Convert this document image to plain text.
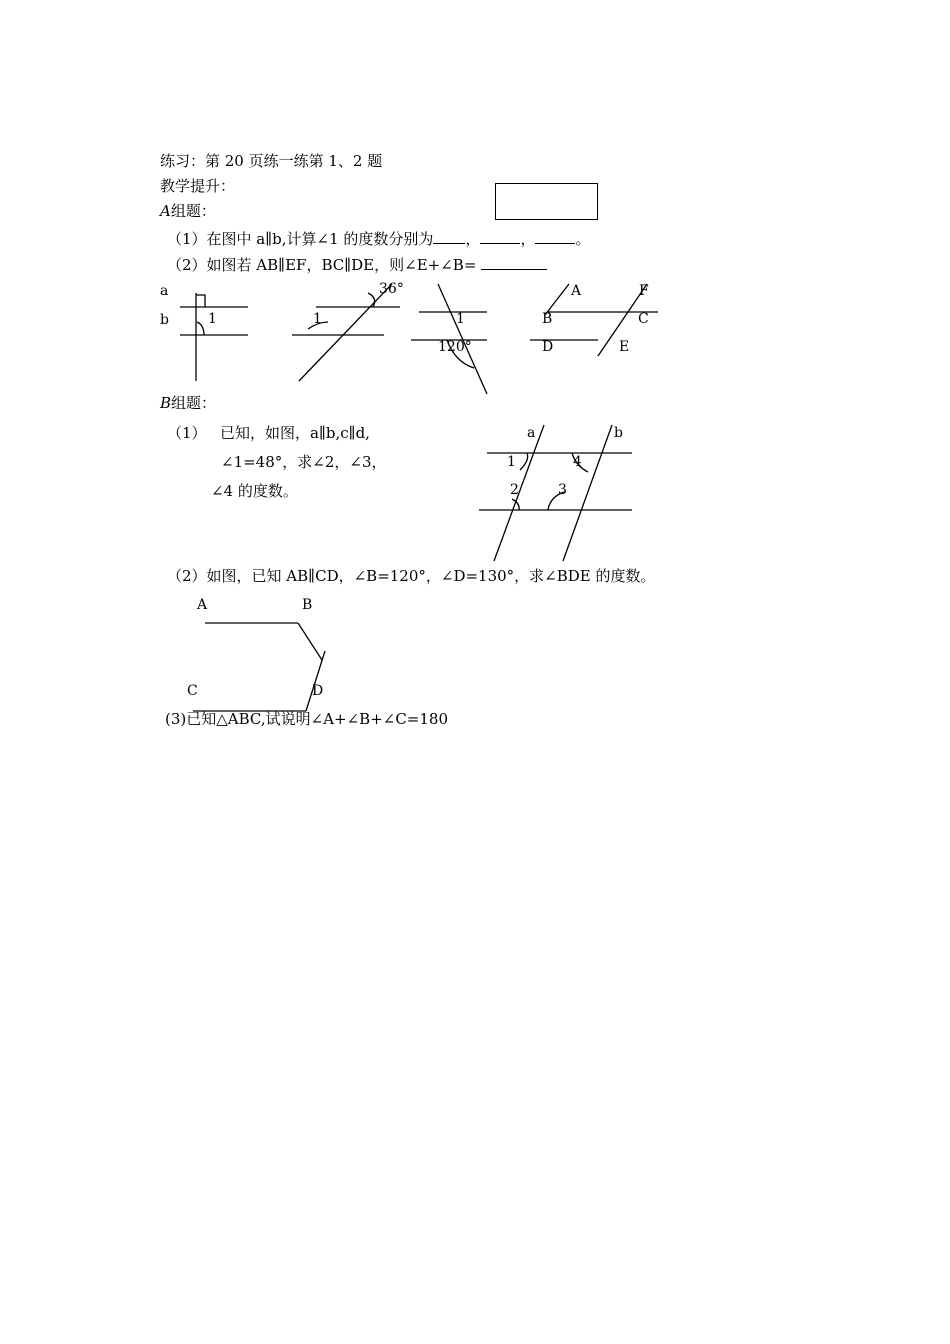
练习：第 20 页练一练第 1、2 题
教学提升：
A组题：
（1）在图中 a∥b,计算∠1 的度数分别为 ，	，	。
（2）如图若 AB∥EF，BC∥DE，则∠E+∠B=
a
b	1	1
36°
1
120°
A	F
B	C
D	E
B组题：
（1） 已知，如图，a∥b,c∥d,
∠1=48°，求∠2，∠3，
∠4 的度数。
a	b
1	4
2	3
（2）如图，已知 AB∥CD，∠B=120°，∠D=130°，求∠BDE 的度数。
A	B
C	D
(3)已知△ABC,试说明∠A+∠B+∠C=180
